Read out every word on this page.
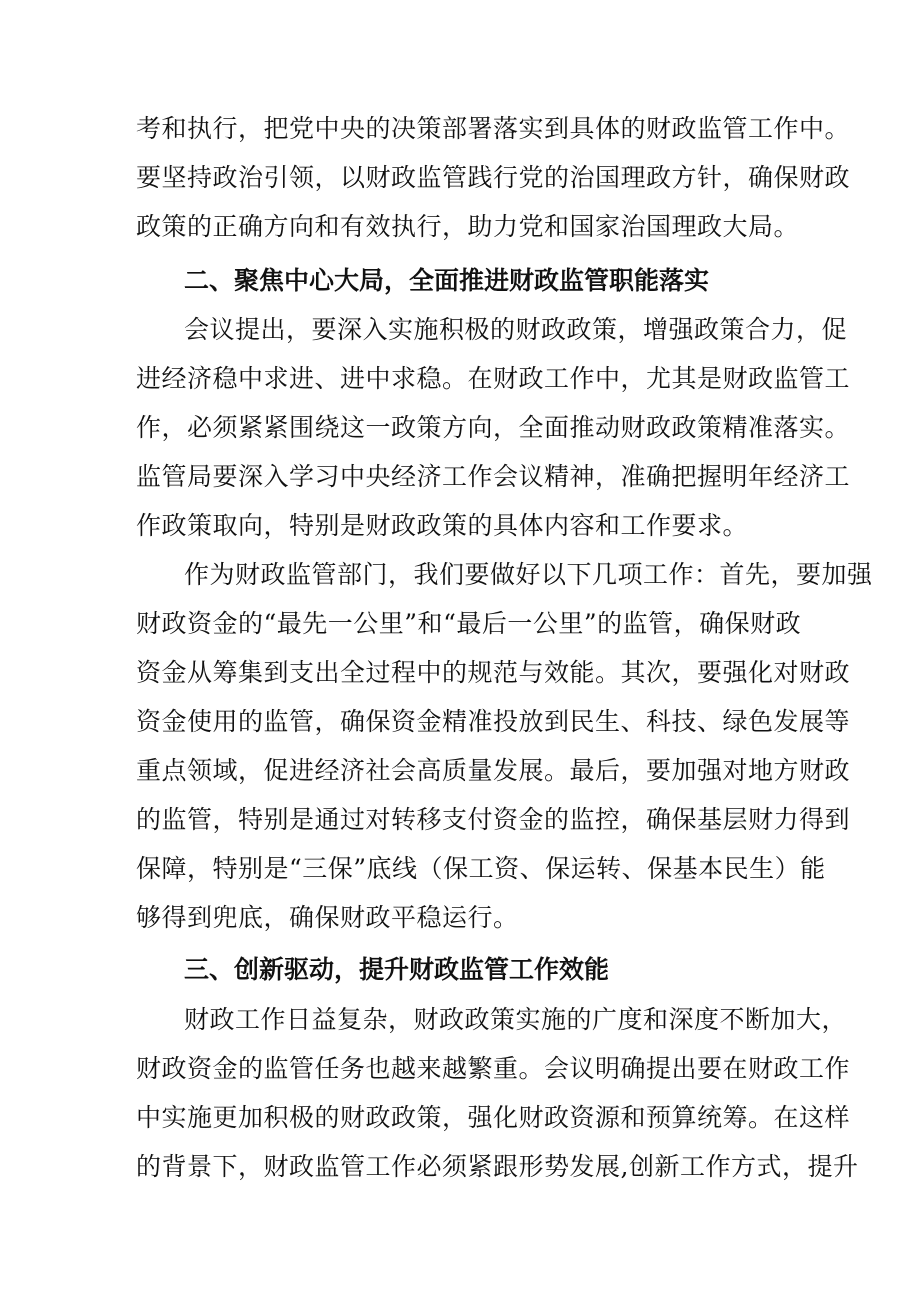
考和执行，把党中央的决策部署落实到具体的财政监管工作中。
要坚持政治引领，以财政监管践行党的治国理政方针，确保财政
政策的正确方向和有效执行，助力党和国家治国理政大局。
二、聚焦中心大局，全面推进财政监管职能落实
会议提出，要深入实施积极的财政政策，增强政策合力，促
进经济稳中求进、进中求稳。在财政工作中，尤其是财政监管工
作，必须紧紧围绕这一政策方向，全面推动财政政策精准落实。
监管局要深入学习中央经济工作会议精神，准确把握明年经济工
作政策取向，特别是财政政策的具体内容和工作要求。
作为财政监管部门，我们要做好以下几项工作：首先，要加强
财政资金的“最先一公里”和“最后一公里”的监管，确保财政
资金从筹集到支出全过程中的规范与效能。其次，要强化对财政
资金使用的监管，确保资金精准投放到民生、科技、绿色发展等
重点领域，促进经济社会高质量发展。最后，要加强对地方财政
的监管，特别是通过对转移支付资金的监控，确保基层财力得到
保障，特别是“三保”底线（保工资、保运转、保基本民生）能
够得到兜底，确保财政平稳运行。
三、创新驱动，提升财政监管工作效能
财政工作日益复杂，财政政策实施的广度和深度不断加大，
财政资金的监管任务也越来越繁重。会议明确提出要在财政工作
中实施更加积极的财政政策，强化财政资源和预算统筹。在这样
的背景下，财政监管工作必须紧跟形势发展,创新工作方式，提升
